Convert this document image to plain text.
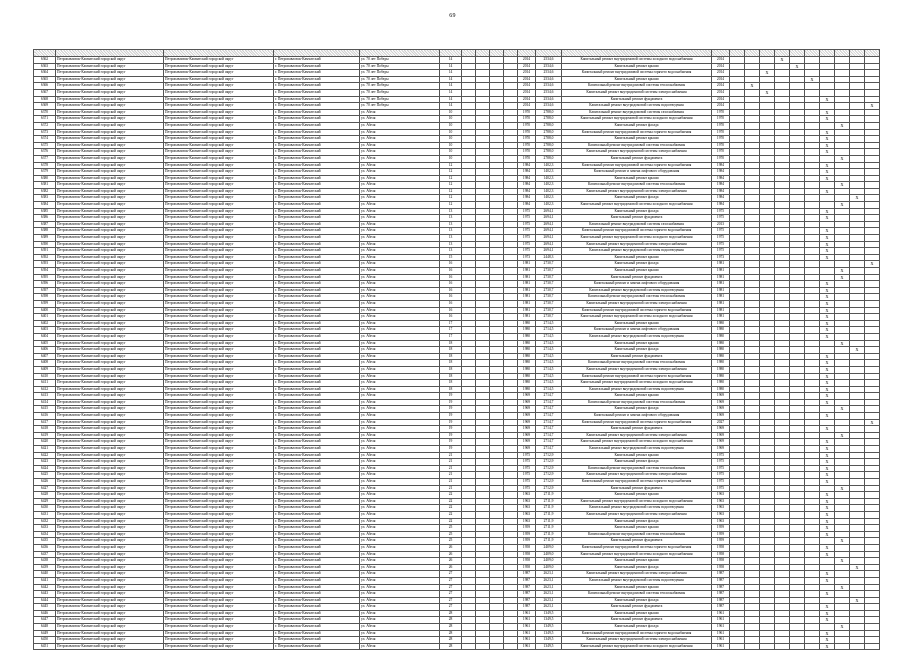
69

6362	Петропавловск-Камчатский городской округ	Петропавловск-Камчатский городской округ	г. Петропавловск-Камчатский	ул. 70 лет Победы	14					2014	2534,6	Капитальный ремонт внутридомовой системы холодного водоснабжения	2014				X						
6363	Петропавловск-Камчатский городской округ	Петропавловск-Камчатский городской округ	г. Петропавловск-Камчатский	ул. 70 лет Победы	14					2014	2534,6	Капитальный ремонт крыши	2014					X					
6364	Петропавловск-Камчатский городской округ	Петропавловск-Камчатский городской округ	г. Петропавловск-Камчатский	ул. 70 лет Победы	14					2014	2534,6	Капитальный ремонт внутридомовой системы горячего водоснабжения	2014			X							
6365	Петропавловск-Камчатский городской округ	Петропавловск-Камчатский городской округ	г. Петропавловск-Камчатский	ул. 70 лет Победы	14					2014	2534,6	Капитальный ремонт крыши	2014						X				
6366	Петропавловск-Камчатский городской округ	Петропавловск-Камчатский городской округ	г. Петропавловск-Камчатский	ул. 70 лет Победы	14					2014	2534,6	Капитальный ремонт внутридомовой системы теплоснабжения	2014		X								
6367	Петропавловск-Камчатский городской округ	Петропавловск-Камчатский городской округ	г. Петропавловск-Камчатский	ул. 70 лет Победы	14					2014	2534,6	Капитальный ремонт внутридомовой системы электроснабжения	2014			X							
6368	Петропавловск-Камчатский городской округ	Петропавловск-Камчатский городской округ	г. Петропавловск-Камчатский	ул. 70 лет Победы	14					2014	2534,6	Капитальный ремонт фундамента	2014							X			
6369	Петропавловск-Камчатский городской округ	Петропавловск-Камчатский городской округ	г. Петропавловск-Камчатский	ул. 70 лет Победы	14					2014	2534,6	Капитальный ремонт внутридомовой системы водоотведения	2014										X
6370	Петропавловск-Камчатский городской округ	Петропавловск-Камчатский городской округ	г. Петропавловск-Камчатский	ул. Абеля	10					1970	2788,0	Капитальный ремонт внутридомовой системы газоснабжения	1970							X			
6371	Петропавловск-Камчатский городской округ	Петропавловск-Камчатский городской округ	г. Петропавловск-Камчатский	ул. Абеля	10					1970	2788,0	Капитальный ремонт внутридомовой системы холодного водоснабжения	1970							X			
6372	Петропавловск-Камчатский городской округ	Петропавловск-Камчатский городской округ	г. Петропавловск-Камчатский	ул. Абеля	10					1970	2788,0	Капитальный ремонт фасада	1970								X		
6373	Петропавловск-Камчатский городской округ	Петропавловск-Камчатский городской округ	г. Петропавловск-Камчатский	ул. Абеля	10					1970	2788,0	Капитальный ремонт внутридомовой системы горячего водоснабжения	1970							X			
6374	Петропавловск-Камчатский городской округ	Петропавловск-Камчатский городской округ	г. Петропавловск-Камчатский	ул. Абеля	10					1970	2788,0	Капитальный ремонт крыши	1970							X			
6375	Петропавловск-Камчатский городской округ	Петропавловск-Камчатский городской округ	г. Петропавловск-Камчатский	ул. Абеля	10					1970	2788,0	Капитальный ремонт внутридомовой системы теплоснабжения	1970							X			
6376	Петропавловск-Камчатский городской округ	Петропавловск-Камчатский городской округ	г. Петропавловск-Камчатский	ул. Абеля	10					1970	2788,0	Капитальный ремонт внутридомовой системы электроснабжения	1970							X			
6377	Петропавловск-Камчатский городской округ	Петропавловск-Камчатский городской округ	г. Петропавловск-Камчатский	ул. Абеля	10					1970	2788,0	Капитальный ремонт фундамента	1970								X		
6378	Петропавловск-Камчатский городской округ	Петропавловск-Камчатский городской округ	г. Петропавловск-Камчатский	ул. Абеля	12					1984	1402,3	Капитальный ремонт внутридомовой системы горячего водоснабжения	1984							X			
6379	Петропавловск-Камчатский городской округ	Петропавловск-Камчатский городской округ	г. Петропавловск-Камчатский	ул. Абеля	12					1984	1402,3	Капитальный ремонт и замена лифтового оборудования	1984							X			
6380	Петропавловск-Камчатский городской округ	Петропавловск-Камчатский городской округ	г. Петропавловск-Камчатский	ул. Абеля	12					1984	1402,3	Капитальный ремонт крыши	1984							X			
6381	Петропавловск-Камчатский городской округ	Петропавловск-Камчатский городской округ	г. Петропавловск-Камчатский	ул. Абеля	12					1984	1402,3	Капитальный ремонт внутридомовой системы теплоснабжения	1984								X		
6382	Петропавловск-Камчатский городской округ	Петропавловск-Камчатский городской округ	г. Петропавловск-Камчатский	ул. Абеля	12					1984	1402,3	Капитальный ремонт внутридомовой системы электроснабжения	1984							X			
6383	Петропавловск-Камчатский городской округ	Петропавловск-Камчатский городской округ	г. Петропавловск-Камчатский	ул. Абеля	12					1984	1402,3	Капитальный ремонт фасада	1984									X	
6384	Петропавловск-Камчатский городской округ	Петропавловск-Камчатский городской округ	г. Петропавловск-Камчатский	ул. Абеля	12					1984	1402,3	Капитальный ремонт внутридомовой системы холодного водоснабжения	1984								X		
6385	Петропавловск-Камчатский городской округ	Петропавловск-Камчатский городской округ	г. Петропавловск-Камчатский	ул. Абеля	13					1975	2694,1	Капитальный ремонт фасада	1975							X			
6386	Петропавловск-Камчатский городской округ	Петропавловск-Камчатский городской округ	г. Петропавловск-Камчатский	ул. Абеля	13					1975	2694,1	Капитальный ремонт фундамента	1975							X			
6387	Петропавловск-Камчатский городской округ	Петропавловск-Камчатский городской округ	г. Петропавловск-Камчатский	ул. Абеля	13					1975	2694,1	Капитальный ремонт внутридомовой системы газоснабжения	2013										
6388	Петропавловск-Камчатский городской округ	Петропавловск-Камчатский городской округ	г. Петропавловск-Камчатский	ул. Абеля	13					1975	2694,1	Капитальный ремонт внутридомовой системы горячего водоснабжения	1975							X			
6389	Петропавловск-Камчатский городской округ	Петропавловск-Камчатский городской округ	г. Петропавловск-Камчатский	ул. Абеля	13					1975	2694,1	Капитальный ремонт внутридомовой системы холодного водоснабжения	1975							X			
6390	Петропавловск-Камчатский городской округ	Петропавловск-Камчатский городской округ	г. Петропавловск-Камчатский	ул. Абеля	13					1975	2694,1	Капитальный ремонт внутридомовой системы электроснабжения	1975							X			
6391	Петропавловск-Камчатский городской округ	Петропавловск-Камчатский городской округ	г. Петропавловск-Камчатский	ул. Абеля	13					1975	2694,1	Капитальный ремонт внутридомовой системы водоотведения	1975							X			
6392	Петропавловск-Камчатский городской округ	Петропавловск-Камчатский городской округ	г. Петропавловск-Камчатский	ул. Абеля	15					1973	2448,3	Капитальный ремонт крыши	1973							X			
6393	Петропавловск-Камчатский городской округ	Петропавловск-Камчатский городской округ	г. Петропавловск-Камчатский	ул. Абеля	16					1981	2730,7	Капитальный ремонт фасада	1981										X
6394	Петропавловск-Камчатский городской округ	Петропавловск-Камчатский городской округ	г. Петропавловск-Камчатский	ул. Абеля	16					1981	2730,7	Капитальный ремонт крыши	1981								X		
6395	Петропавловск-Камчатский городской округ	Петропавловск-Камчатский городской округ	г. Петропавловск-Камчатский	ул. Абеля	16					1981	2730,7	Капитальный ремонт фундамента	1981								X		
6396	Петропавловск-Камчатский городской округ	Петропавловск-Камчатский городской округ	г. Петропавловск-Камчатский	ул. Абеля	16					1981	2730,7	Капитальный ремонт и замена лифтового оборудования	1981							X			
6397	Петропавловск-Камчатский городской округ	Петропавловск-Камчатский городской округ	г. Петропавловск-Камчатский	ул. Абеля	16					1981	2730,7	Капитальный ремонт внутридомовой системы водоотведения	1981							X			
6398	Петропавловск-Камчатский городской округ	Петропавловск-Камчатский городской округ	г. Петропавловск-Камчатский	ул. Абеля	16					1981	2730,7	Капитальный ремонт внутридомовой системы теплоснабжения	1981							X			
6399	Петропавловск-Камчатский городской округ	Петропавловск-Камчатский городской округ	г. Петропавловск-Камчатский	ул. Абеля	16					1981	2730,7	Капитальный ремонт внутридомовой системы электроснабжения	1981							X			
6400	Петропавловск-Камчатский городской округ	Петропавловск-Камчатский городской округ	г. Петропавловск-Камчатский	ул. Абеля	16					1981	2730,7	Капитальный ремонт внутридомовой системы горячего водоснабжения	1981							X			
6401	Петропавловск-Камчатский городской округ	Петропавловск-Камчатский городской округ	г. Петропавловск-Камчатский	ул. Абеля	16					1981	2730,7	Капитальный ремонт внутридомовой системы холодного водоснабжения	1981							X			
6402	Петропавловск-Камчатский городской округ	Петропавловск-Камчатский городской округ	г. Петропавловск-Камчатский	ул. Абеля	17					1980	2714,5	Капитальный ремонт крыши	1980							X			
6403	Петропавловск-Камчатский городской округ	Петропавловск-Камчатский городской округ	г. Петропавловск-Камчатский	ул. Абеля	17					1980	2714,5	Капитальный ремонт и замена лифтового оборудования	1980							X			
6404	Петропавловск-Камчатский городской округ	Петропавловск-Камчатский городской округ	г. Петропавловск-Камчатский	ул. Абеля	17					1980	2714,5	Капитальный ремонт внутридомовой системы водоотведения	1980							X			
6405	Петропавловск-Камчатский городской округ	Петропавловск-Камчатский городской округ	г. Петропавловск-Камчатский	ул. Абеля	18					1980	2714,5	Капитальный ремонт крыши	1980								X		
6406	Петропавловск-Камчатский городской округ	Петропавловск-Камчатский городской округ	г. Петропавловск-Камчатский	ул. Абеля	18					1980	2714,5	Капитальный ремонт фасада	1980									X	
6407	Петропавловск-Камчатский городской округ	Петропавловск-Камчатский городской округ	г. Петропавловск-Камчатский	ул. Абеля	18					1980	2714,5	Капитальный ремонт фундамента	1980							X			
6408	Петропавловск-Камчатский городской округ	Петропавловск-Камчатский городской округ	г. Петропавловск-Камчатский	ул. Абеля	18					1980	2714,5	Капитальный ремонт внутридомовой системы теплоснабжения	1980							X			
6409	Петропавловск-Камчатский городской округ	Петропавловск-Камчатский городской округ	г. Петропавловск-Камчатский	ул. Абеля	18					1980	2714,5	Капитальный ремонт внутридомовой системы электроснабжения	1980							X			
6410	Петропавловск-Камчатский городской округ	Петропавловск-Камчатский городской округ	г. Петропавловск-Камчатский	ул. Абеля	18					1980	2714,5	Капитальный ремонт внутридомовой системы горячего водоснабжения	1980							X			
6411	Петропавловск-Камчатский городской округ	Петропавловск-Камчатский городской округ	г. Петропавловск-Камчатский	ул. Абеля	18					1980	2714,5	Капитальный ремонт внутридомовой системы холодного водоснабжения	1980							X			
6412	Петропавловск-Камчатский городской округ	Петропавловск-Камчатский городской округ	г. Петропавловск-Камчатский	ул. Абеля	18					1980	2714,5	Капитальный ремонт внутридомовой системы водоотведения	1980							X			
6413	Петропавловск-Камчатский городской округ	Петропавловск-Камчатский городской округ	г. Петропавловск-Камчатский	ул. Абеля	19					1969	2714,7	Капитальный ремонт крыши	1969							X			
6414	Петропавловск-Камчатский городской округ	Петропавловск-Камчатский городской округ	г. Петропавловск-Камчатский	ул. Абеля	19					1969	2714,7	Капитальный ремонт внутридомовой системы теплоснабжения	1969							X			
6415	Петропавловск-Камчатский городской округ	Петропавловск-Камчатский городской округ	г. Петропавловск-Камчатский	ул. Абеля	19					1969	2714,7	Капитальный ремонт фасада	1969								X		
6416	Петропавловск-Камчатский городской округ	Петропавловск-Камчатский городской округ	г. Петропавловск-Камчатский	ул. Абеля	19					1969	2714,7	Капитальный ремонт и замена лифтового оборудования	1969							X			
6417	Петропавловск-Камчатский городской округ	Петропавловск-Камчатский городской округ	г. Петропавловск-Камчатский	ул. Абеля	19					1969	2714,7	Капитальный ремонт внутридомовой системы горячего водоснабжения	2027										X
6418	Петропавловск-Камчатский городской округ	Петропавловск-Камчатский городской округ	г. Петропавловск-Камчатский	ул. Абеля	19					1969	2714,7	Капитальный ремонт фундамента	1969							X			
6419	Петропавловск-Камчатский городской округ	Петропавловск-Камчатский городской округ	г. Петропавловск-Камчатский	ул. Абеля	19					1969	2714,7	Капитальный ремонт внутридомовой системы электроснабжения	1969								X		
6420	Петропавловск-Камчатский городской округ	Петропавловск-Камчатский городской округ	г. Петропавловск-Камчатский	ул. Абеля	19					1969	2714,7	Капитальный ремонт внутридомовой системы холодного водоснабжения	1969							X			
6421	Петропавловск-Камчатский городской округ	Петропавловск-Камчатский городской округ	г. Петропавловск-Камчатский	ул. Абеля	19					1969	2714,7	Капитальный ремонт внутридомовой системы водоотведения	1969							X			
6422	Петропавловск-Камчатский городской округ	Петропавловск-Камчатский городской округ	г. Петропавловск-Камчатский	ул. Абеля	21					1975	2712,9	Капитальный ремонт крыши	1975							X			
6423	Петропавловск-Камчатский городской округ	Петропавловск-Камчатский городской округ	г. Петропавловск-Камчатский	ул. Абеля	21					1975	2712,9	Капитальный ремонт фасада	1975							X			
6424	Петропавловск-Камчатский городской округ	Петропавловск-Камчатский городской округ	г. Петропавловск-Камчатский	ул. Абеля	21					1975	2712,9	Капитальный ремонт внутридомовой системы теплоснабжения	1975							X			
6425	Петропавловск-Камчатский городской округ	Петропавловск-Камчатский городской округ	г. Петропавловск-Камчатский	ул. Абеля	21					1975	2712,9	Капитальный ремонт внутридомовой системы электроснабжения	1975							X			
6426	Петропавловск-Камчатский городской округ	Петропавловск-Камчатский городской округ	г. Петропавловск-Камчатский	ул. Абеля	21					1975	2712,9	Капитальный ремонт внутридомовой системы горячего водоснабжения	1975							X			
6427	Петропавловск-Камчатский городской округ	Петропавловск-Камчатский городской округ	г. Петропавловск-Камчатский	ул. Абеля	21					1975	2712,9	Капитальный ремонт фундамента	1975								X		
6428	Петропавловск-Камчатский городской округ	Петропавловск-Камчатский городской округ	г. Петропавловск-Камчатский	ул. Абеля	22					1963	2711,9	Капитальный ремонт крыши	1963							X			
6429	Петропавловск-Камчатский городской округ	Петропавловск-Камчатский городской округ	г. Петропавловск-Камчатский	ул. Абеля	22					1963	2711,9	Капитальный ремонт внутридомовой системы холодного водоснабжения	1963							X			
6430	Петропавловск-Камчатский городской округ	Петропавловск-Камчатский городской округ	г. Петропавловск-Камчатский	ул. Абеля	22					1963	2711,9	Капитальный ремонт внутридомовой системы водоотведения	1963							X			
6431	Петропавловск-Камчатский городской округ	Петропавловск-Камчатский городской округ	г. Петропавловск-Камчатский	ул. Абеля	22					1963	2711,9	Капитальный ремонт внутридомовой системы электроснабжения	1963							X			
6432	Петропавловск-Камчатский городской округ	Петропавловск-Камчатский городской округ	г. Петропавловск-Камчатский	ул. Абеля	22					1963	2711,9	Капитальный ремонт фасада	1963							X			
6433	Петропавловск-Камчатский городской округ	Петропавловск-Камчатский городской округ	г. Петропавловск-Камчатский	ул. Абеля	25					1959	2711,9	Капитальный ремонт крыши	1959							X			
6434	Петропавловск-Камчатский городской округ	Петропавловск-Камчатский городской округ	г. Петропавловск-Камчатский	ул. Абеля	25					1959	2711,9	Капитальный ремонт внутридомовой системы теплоснабжения	1959							X			
6435	Петропавловск-Камчатский городской округ	Петропавловск-Камчатский городской округ	г. Петропавловск-Камчатский	ул. Абеля	25					1959	2711,9	Капитальный ремонт фундамента	1959								X		
6436	Петропавловск-Камчатский городской округ	Петропавловск-Камчатский городской округ	г. Петропавловск-Камчатский	ул. Абеля	26					1958	2409,0	Капитальный ремонт внутридомовой системы горячего водоснабжения	1958							X			
6437	Петропавловск-Камчатский городской округ	Петропавловск-Камчатский городской округ	г. Петропавловск-Камчатский	ул. Абеля	26					1958	2409,0	Капитальный ремонт внутридомовой системы холодного водоснабжения	1958							X			
6438	Петропавловск-Камчатский городской округ	Петропавловск-Камчатский городской округ	г. Петропавловск-Камчатский	ул. Абеля	26					1958	2409,0	Капитальный ремонт крыши	1958								X		
6439	Петропавловск-Камчатский городской округ	Петропавловск-Камчатский городской округ	г. Петропавловск-Камчатский	ул. Абеля	26					1958	2409,0	Капитальный ремонт фасада	1958									X	
6440	Петропавловск-Камчатский городской округ	Петропавловск-Камчатский городской округ	г. Петропавловск-Камчатский	ул. Абеля	27					1987	2623,1	Капитальный ремонт внутридомовой системы электроснабжения	1987							X			
6441	Петропавловск-Камчатский городской округ	Петропавловск-Камчатский городской округ	г. Петропавловск-Камчатский	ул. Абеля	27					1987	2623,1	Капитальный ремонт внутридомовой системы водоотведения	1987							X			
6442	Петропавловск-Камчатский городской округ	Петропавловск-Камчатский городской округ	г. Петропавловск-Камчатский	ул. Абеля	27					1987	2623,1	Капитальный ремонт крыши	1987								X		
6443	Петропавловск-Камчатский городской округ	Петропавловск-Камчатский городской округ	г. Петропавловск-Камчатский	ул. Абеля	27					1987	2623,1	Капитальный ремонт внутридомовой системы теплоснабжения	1987							X			
6444	Петропавловск-Камчатский городской округ	Петропавловск-Камчатский городской округ	г. Петропавловск-Камчатский	ул. Абеля	27					1987	2623,1	Капитальный ремонт фасада	1987									X	
6445	Петропавловск-Камчатский городской округ	Петропавловск-Камчатский городской округ	г. Петропавловск-Камчатский	ул. Абеля	27					1987	2623,1	Капитальный ремонт фундамента	1987							X			
6446	Петропавловск-Камчатский городской округ	Петропавловск-Камчатский городской округ	г. Петропавловск-Камчатский	ул. Абеля	28					1961	1349,5	Капитальный ремонт крыши	1961							X			
6447	Петропавловск-Камчатский городской округ	Петропавловск-Камчатский городской округ	г. Петропавловск-Камчатский	ул. Абеля	28					1961	1349,5	Капитальный ремонт фундамента	1961							X			
6448	Петропавловск-Камчатский городской округ	Петропавловск-Камчатский городской округ	г. Петропавловск-Камчатский	ул. Абеля	28					1961	1349,5	Капитальный ремонт фасада	1961								X		
6449	Петропавловск-Камчатский городской округ	Петропавловск-Камчатский городской округ	г. Петропавловск-Камчатский	ул. Абеля	28					1961	1349,5	Капитальный ремонт внутридомовой системы горячего водоснабжения	1961							X			
6450	Петропавловск-Камчатский городской округ	Петропавловск-Камчатский городской округ	г. Петропавловск-Камчатский	ул. Абеля	28					1961	1349,5	Капитальный ремонт внутридомовой системы электроснабжения	1961							X			
6451	Петропавловск-Камчатский городской округ	Петропавловск-Камчатский городской округ	г. Петропавловск-Камчатский	ул. Абеля	28					1961	1349,5	Капитальный ремонт внутридомовой системы холодного водоснабжения	1961							X			
